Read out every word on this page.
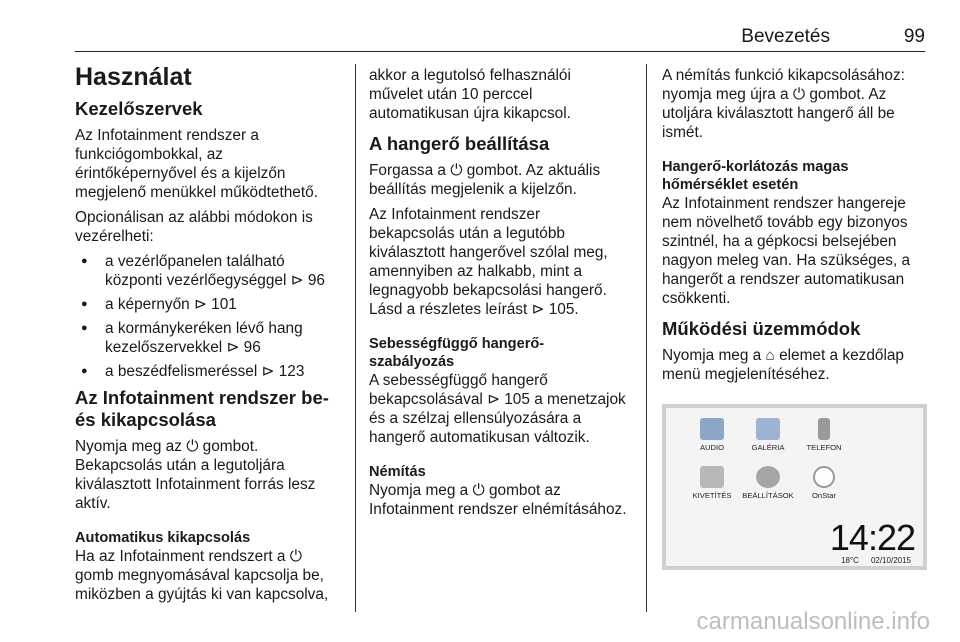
Bevezetés	99
Használat
Kezelőszervek

Az Infotainment rendszer a funkciógombokkal, az érintőképernyővel és a kijelzőn megjelenő menükkel működtethető.

Opcionálisan az alábbi módokon is vezérelheti:

● a vezérlőpanelen található központi vezérlőegységgel ⊳ 96
● a képernyőn ⊳ 101
● a kormánykeréken lévő hang kezelőszervekkel ⊳ 96
● a beszédfelismeréssel ⊳ 123
Az Infotainment rendszer be- és kikapcsolása

Nyomja meg az ⏻ gombot. Bekapcsolás után a legutoljára kiválasztott Infotainment forrás lesz aktív.

Automatikus kikapcsolás

Ha az Infotainment rendszert a ⏻ gomb megnyomásával kapcsolja be, miközben a gyújtás ki van kapcsolva,

akkor a legutolsó felhasználói művelet után 10 perccel automatikusan újra kikapcsol.

A hangerő beállítása

Forgassa a ⏻ gombot. Az aktuális beállítás megjelenik a kijelzőn.

Az Infotainment rendszer bekapcsolás után a legutóbb kiválasztott hangerővel szólal meg, amennyiben az halkabb, mint a legnagyobb bekapcsolási hangerő. Lásd a részletes leírást ⊳ 105.

Sebességfüggő hangerő-szabályozás

A sebességfüggő hangerő bekapcsolásával ⊳ 105 a menetzajok és a szélzaj ellensúlyozására a hangerő automatikusan változik.

Némítás

Nyomja meg a ⏻ gombot az Infotainment rendszer elnémításához.

A némítás funkció kikapcsolásához: nyomja meg újra a ⏻ gombot. Az utoljára kiválasztott hangerő áll be ismét.

Hangerő-korlátozás magas hőmérséklet esetén

Az Infotainment rendszer hangereje nem növelhető tovább egy bizonyos szintnél, ha a gépkocsi belsejében nagyon meleg van. Ha szükséges, a hangerőt a rendszer automatikusan csökkenti.

Működési üzemmódok

Nyomja meg a ⌂ elemet a kezdőlap menü megjelenítéséhez.

AUDIO	GALÉRIA	TELEFON
KIVETÍTÉS	BEÁLLÍTÁSOK	OnStar
14:22
18°C 02/10/2015
carmanualsonline.info
